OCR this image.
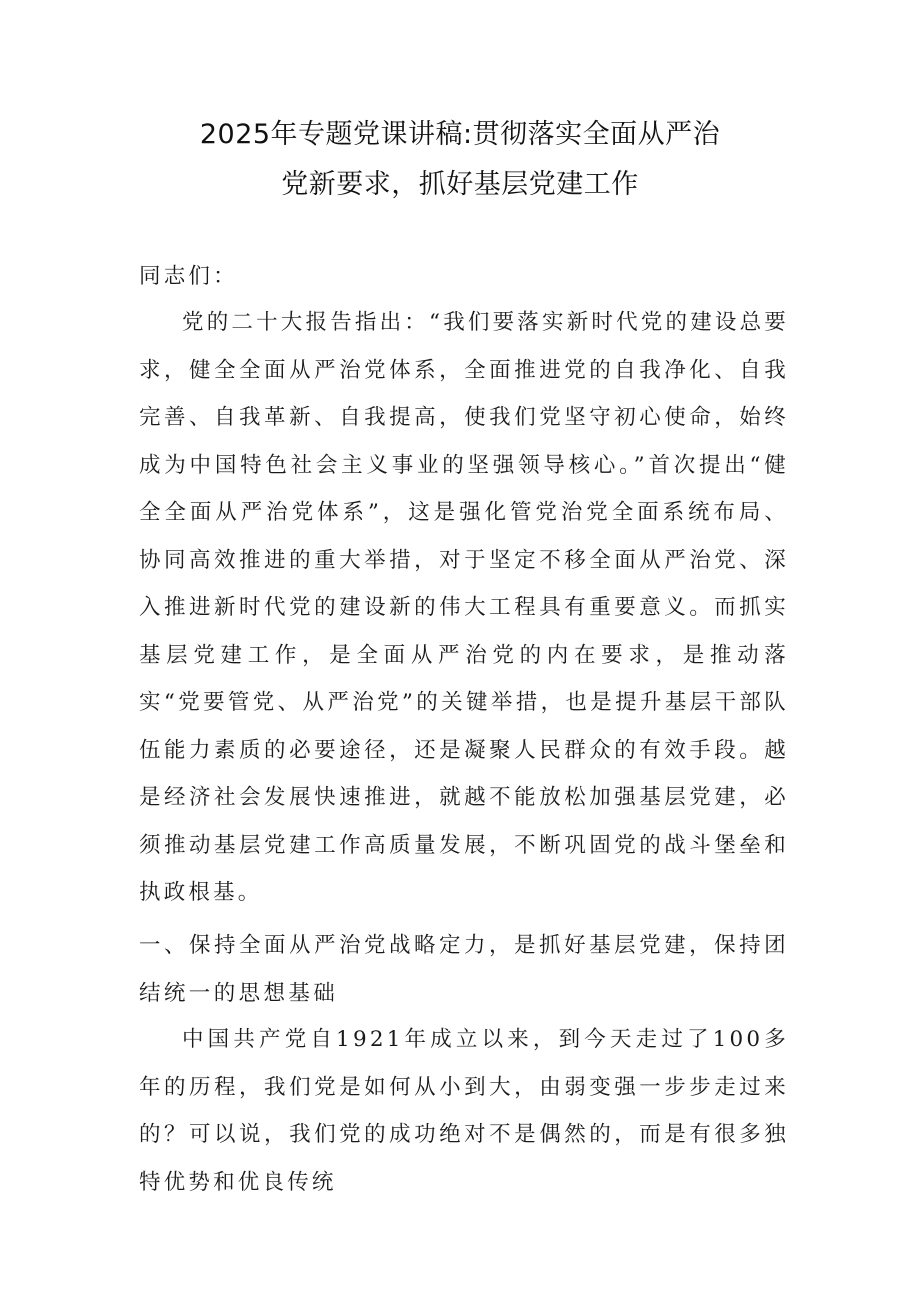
2025年专题党课讲稿:贯彻落实全面从严治
党新要求，抓好基层党建工作
同志们：
党的二十大报告指出：“我们要落实新时代党的建设总要求，健全全面从严治党体系，全面推进党的自我净化、自我完善、自我革新、自我提高，使我们党坚守初心使命，始终成为中国特色社会主义事业的坚强领导核心。”首次提出“健全全面从严治党体系”，这是强化管党治党全面系统布局、协同高效推进的重大举措，对于坚定不移全面从严治党、深入推进新时代党的建设新的伟大工程具有重要意义。而抓实基层党建工作，是全面从严治党的内在要求，是推动落实“党要管党、从严治党”的关键举措，也是提升基层干部队伍能力素质的必要途径，还是凝聚人民群众的有效手段。越是经济社会发展快速推进，就越不能放松加强基层党建，必须推动基层党建工作高质量发展，不断巩固党的战斗堡垒和执政根基。
一、保持全面从严治党战略定力，是抓好基层党建，保持团结统一的思想基础
中国共产党自1921年成立以来，到今天走过了100多年的历程，我们党是如何从小到大，由弱变强一步步走过来的？可以说，我们党的成功绝对不是偶然的，而是有很多独特优势和优良传统
